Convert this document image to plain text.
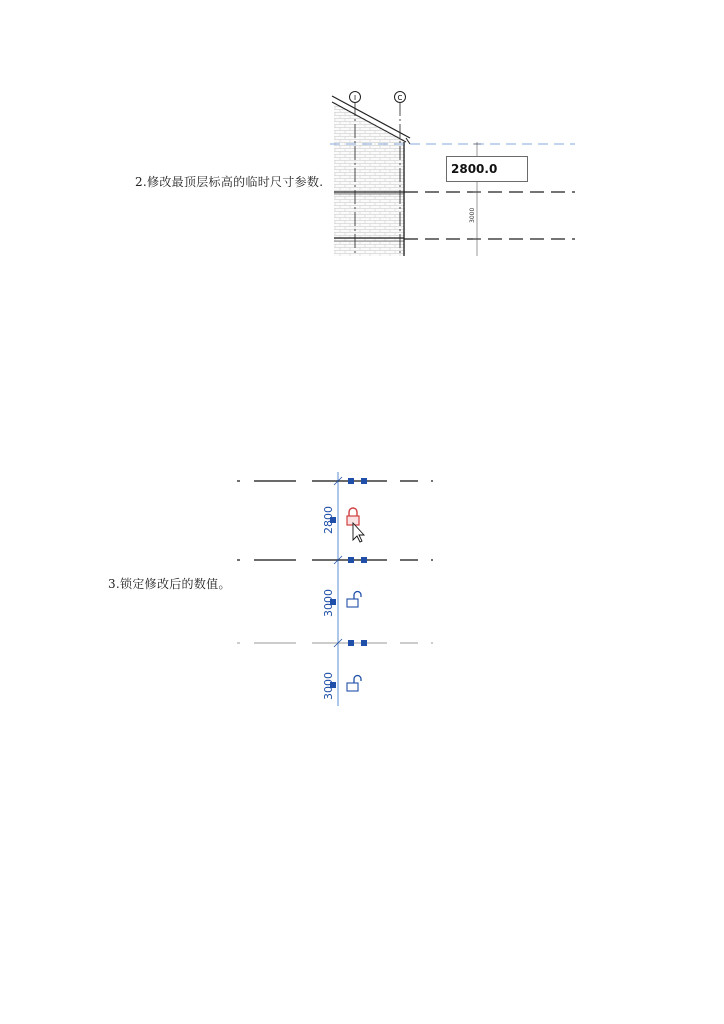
2.修改最顶层标高的临时尺寸参数.
I	C
2800.0
3000
3.锁定修改后的数值。
2800
3000
3000
